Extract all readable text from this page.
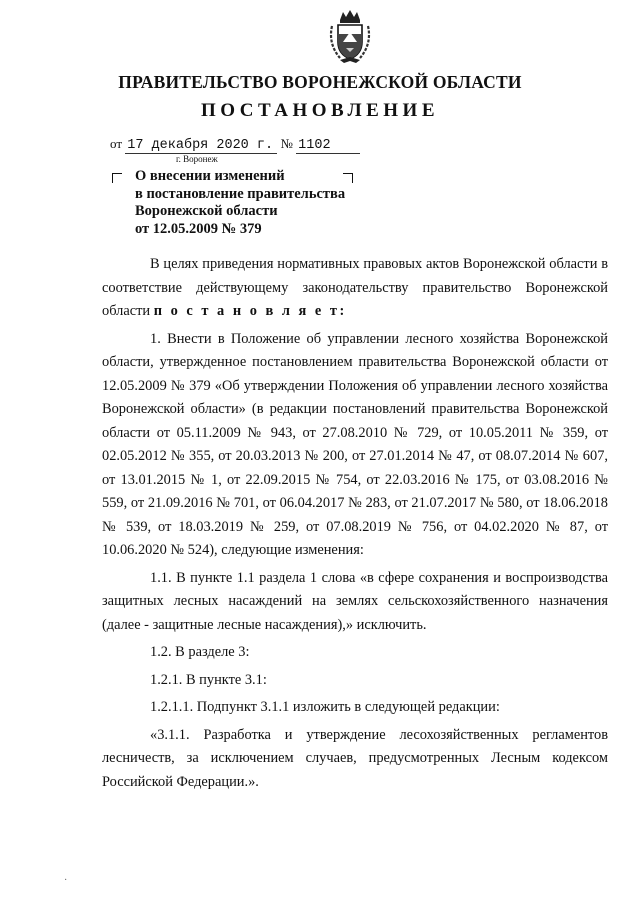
ПРАВИТЕЛЬСТВО ВОРОНЕЖСКОЙ ОБЛАСТИ
ПОСТАНОВЛЕНИЕ
от 17 декабря 2020 г. № 1102
г. Воронеж
О внесении изменений
в постановление правительства
Воронежской области
от 12.05.2009 № 379

В целях приведения нормативных правовых актов Воронежской области в соответствие действующему законодательству правительство Воронежской области п о с т а н о в л я е т:

1. Внести в Положение об управлении лесного хозяйства Воронежской области, утвержденное постановлением правительства Воронежской области от 12.05.2009 № 379 «Об утверждении Положения об управлении лесного хозяйства Воронежской области» (в редакции постановлений правительства Воронежской области от 05.11.2009 № 943, от 27.08.2010 № 729, от 10.05.2011 № 359, от 02.05.2012 № 355, от 20.03.2013 № 200, от 27.01.2014 № 47, от 08.07.2014 № 607, от 13.01.2015 № 1, от 22.09.2015 № 754, от 22.03.2016 № 175, от 03.08.2016 № 559, от 21.09.2016 № 701, от 06.04.2017 № 283, от 21.07.2017 № 580, от 18.06.2018 № 539, от 18.03.2019 № 259, от 07.08.2019 № 756, от 04.02.2020 № 87, от 10.06.2020 № 524), следующие изменения:

1.1. В пункте 1.1 раздела 1 слова «в сфере сохранения и воспроизводства защитных лесных насаждений на землях сельскохозяйственного назначения (далее - защитные лесные насаждения),» исключить.

1.2. В разделе 3:

1.2.1. В пункте 3.1:

1.2.1.1. Подпункт 3.1.1 изложить в следующей редакции:

«3.1.1. Разработка и утверждение лесохозяйственных регламентов лесничеств, за исключением случаев, предусмотренных Лесным кодексом Российской Федерации.».

·
